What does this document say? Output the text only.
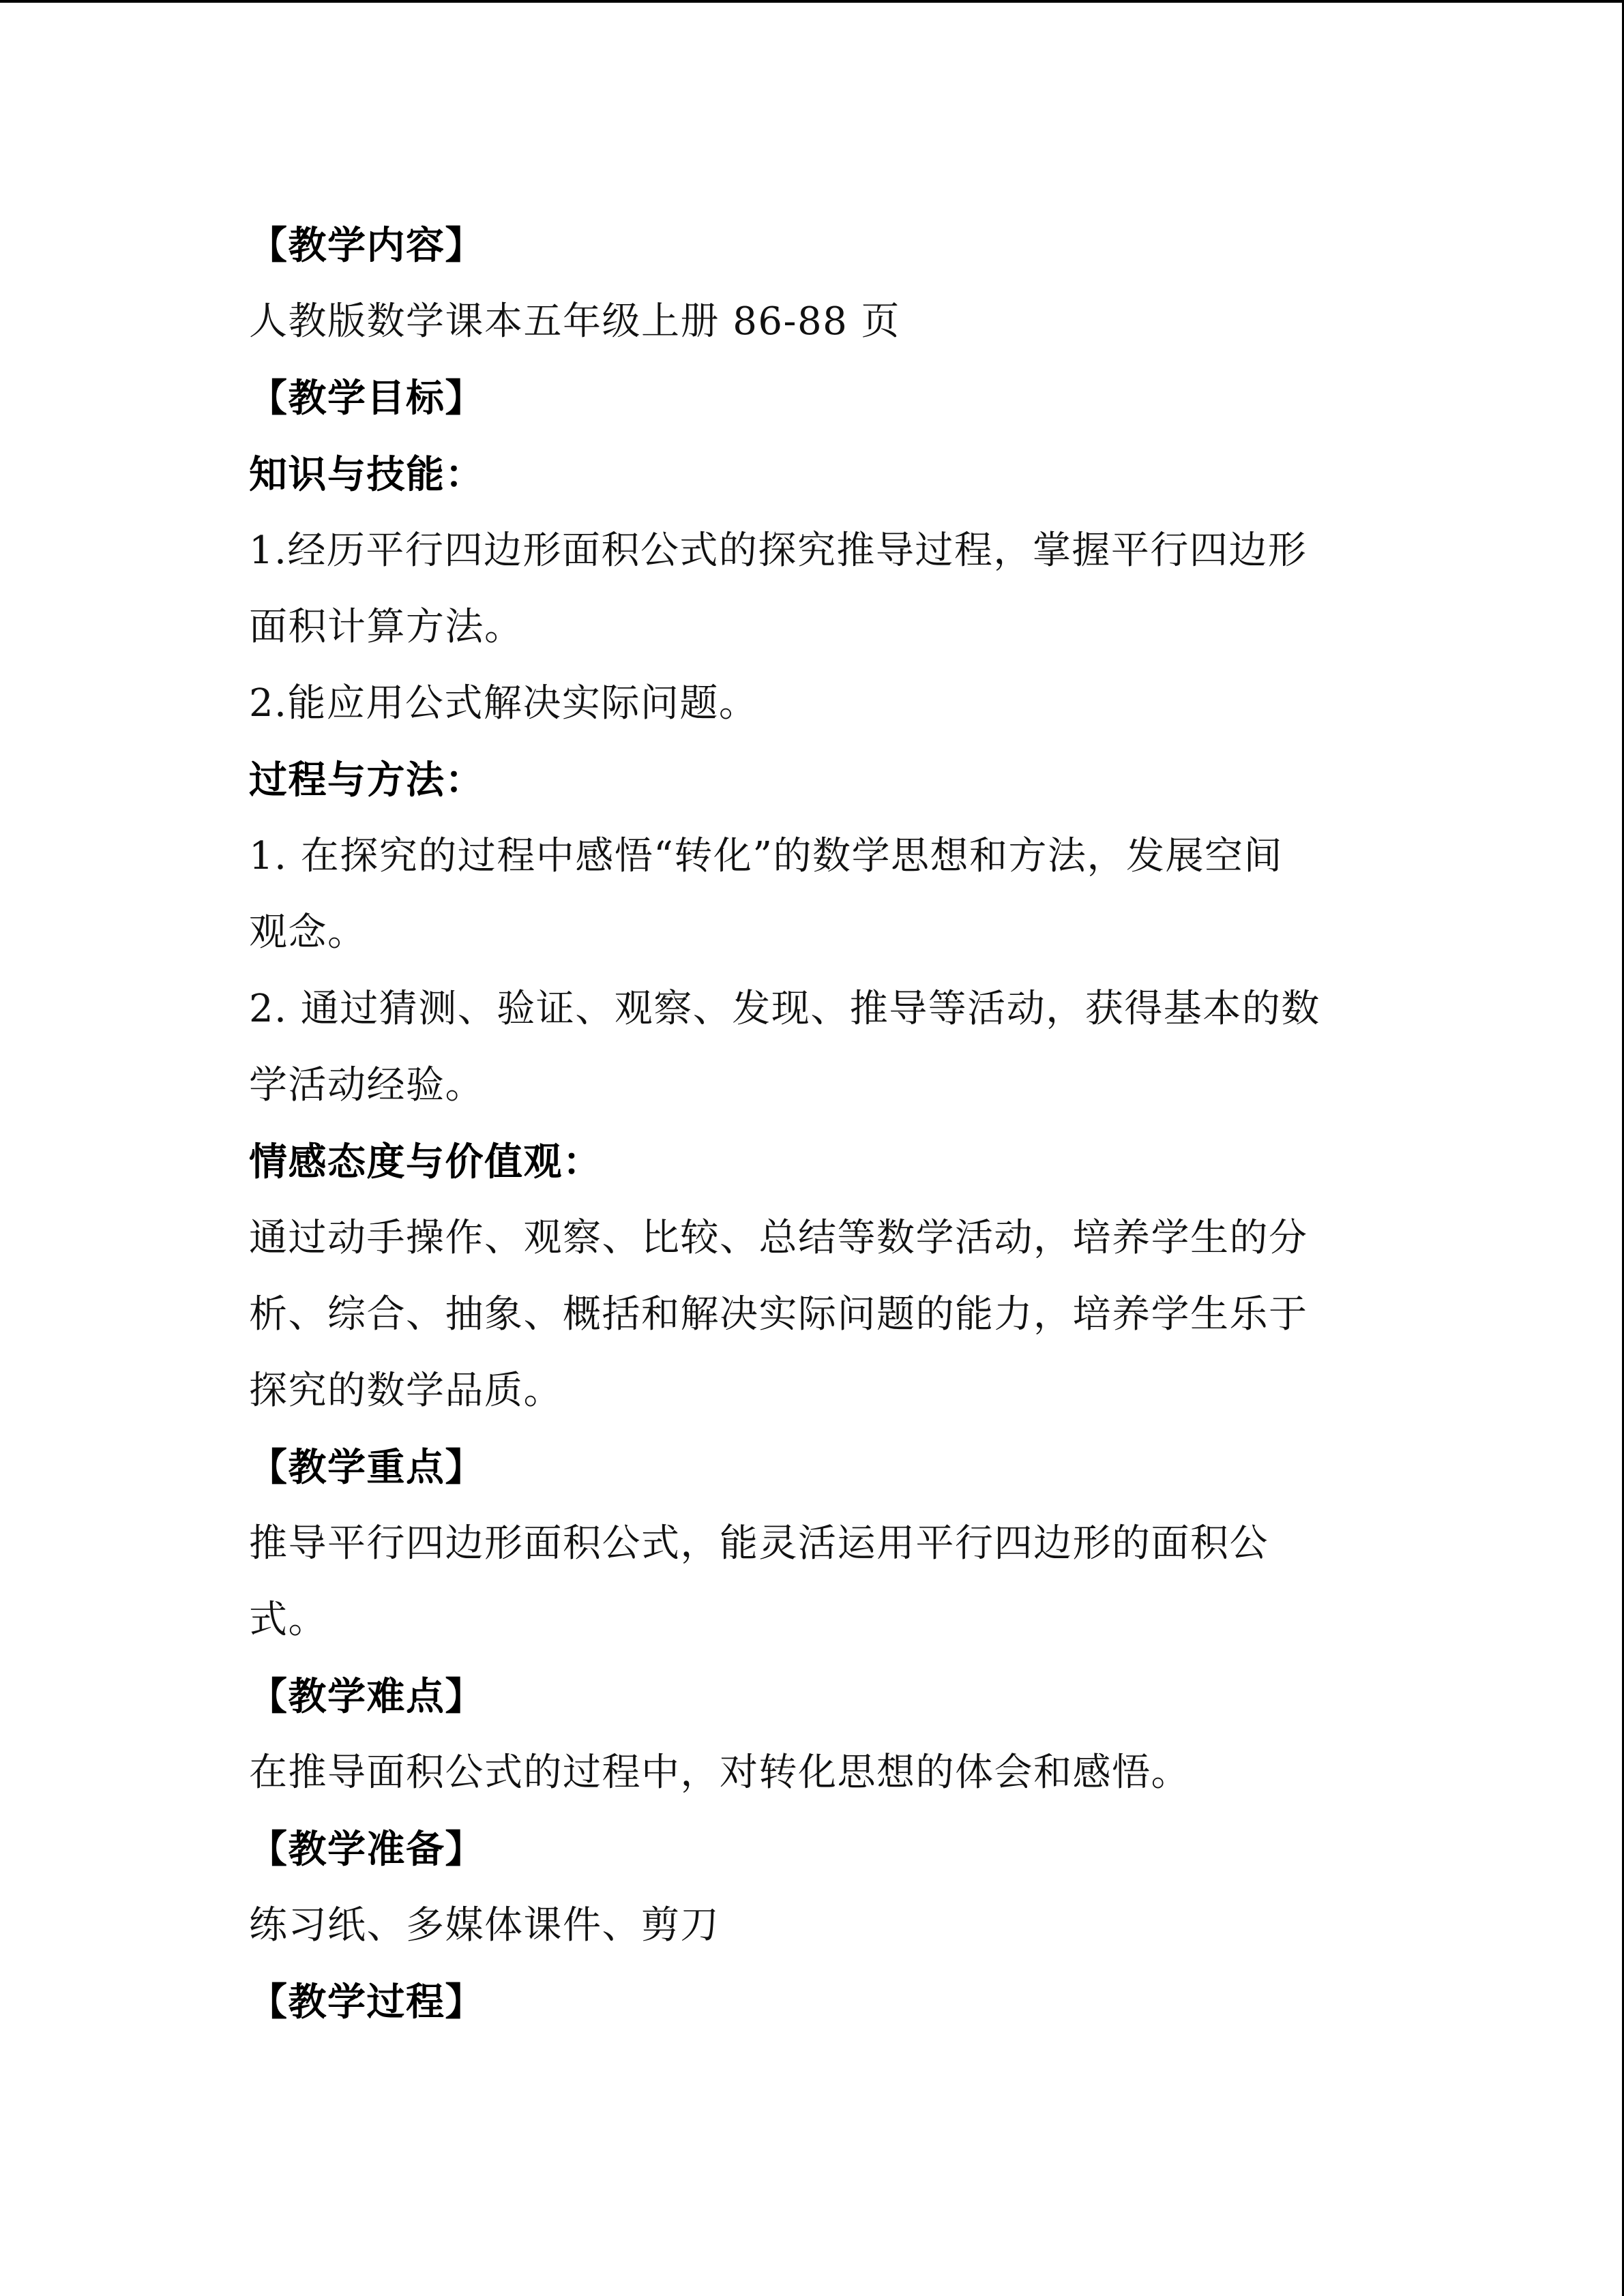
【教学内容】
人教版数学课本五年级上册 86-88 页
【教学目标】
知识与技能：
1.经历平行四边形面积公式的探究推导过程，掌握平行四边形
面积计算方法。
2.能应用公式解决实际问题。
过程与方法：
1. 在探究的过程中感悟“转化”的数学思想和方法，发展空间
观念。
2. 通过猜测、验证、观察、发现、推导等活动，获得基本的数
学活动经验。
情感态度与价值观：
通过动手操作、观察、比较、总结等数学活动，培养学生的分
析、综合、抽象、概括和解决实际问题的能力，培养学生乐于
探究的数学品质。
【教学重点】
推导平行四边形面积公式，能灵活运用平行四边形的面积公
式。
【教学难点】
在推导面积公式的过程中，对转化思想的体会和感悟。
【教学准备】
练习纸、多媒体课件、剪刀
【教学过程】
